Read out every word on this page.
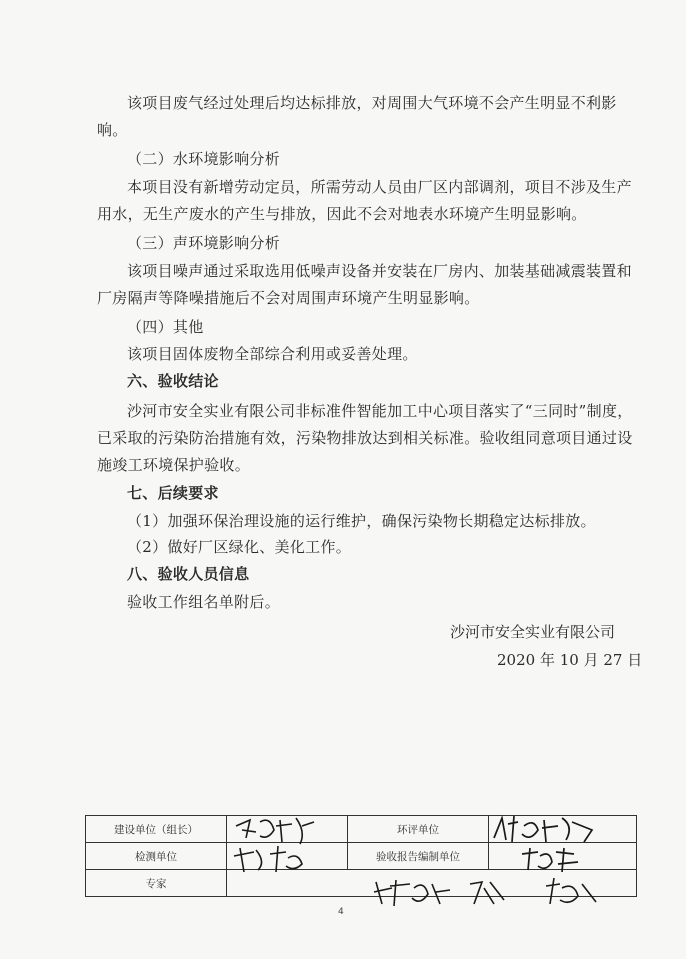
该项目废气经过处理后均达标排放，对周围大气环境不会产生明显不利影响。

（二）水环境影响分析

本项目没有新增劳动定员，所需劳动人员由厂区内部调剂，项目不涉及生产用水，无生产废水的产生与排放，因此不会对地表水环境产生明显影响。

（三）声环境影响分析

该项目噪声通过采取选用低噪声设备并安装在厂房内、加装基础减震装置和厂房隔声等降噪措施后不会对周围声环境产生明显影响。

（四）其他
该项目固体废物全部综合利用或妥善处理。
六、验收结论

沙河市安全实业有限公司非标准件智能加工中心项目落实了“三同时”制度，已采取的污染防治措施有效，污染物排放达到相关标准。验收组同意项目通过设施竣工环境保护验收。

七、后续要求
（1）加强环保治理设施的运行维护，确保污染物长期稳定达标排放。
（2）做好厂区绿化、美化工作。
八、验收人员信息
验收工作组名单附后。
沙河市安全实业有限公司
2020 年 10 月 27 日
建设单位（组长）		环评单位	
检测单位		验收报告编制单位	
专家			
4
